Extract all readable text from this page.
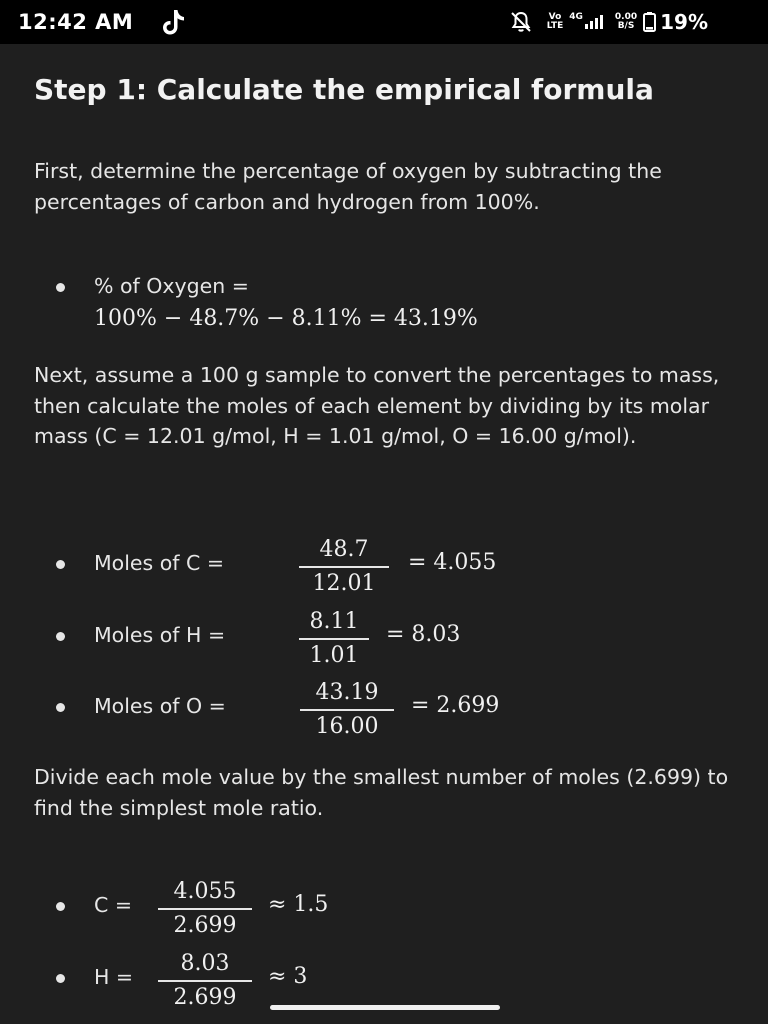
12:42 AM	Vo
LTE
4G	0.00
B/S 19%
Step 1: Calculate the empirical formula

First, determine the percentage of oxygen by subtracting the percentages of carbon and hydrogen from 100%.

% of Oxygen =
100% − 48.7% − 8.11% = 43.19%

Next, assume a 100 g sample to convert the percentages to mass, then calculate the moles of each element by dividing by its molar mass (C = 12.01 g/mol, H = 1.01 g/mol, O = 16.00 g/mol).

Moles of C =	$\frac{48.7}{12.01} = 4.055$
Moles of H =	$\frac{8.11}{1.01} = 8.03$
Moles of O =	$\frac{43.19}{16.00} = 2.699$

Divide each mole value by the smallest number of moles (2.699) to find the simplest mole ratio.

$C = \frac{4.055}{2.699} \approx 1.5$
$H = \frac{8.03}{2.699} \approx 3$
